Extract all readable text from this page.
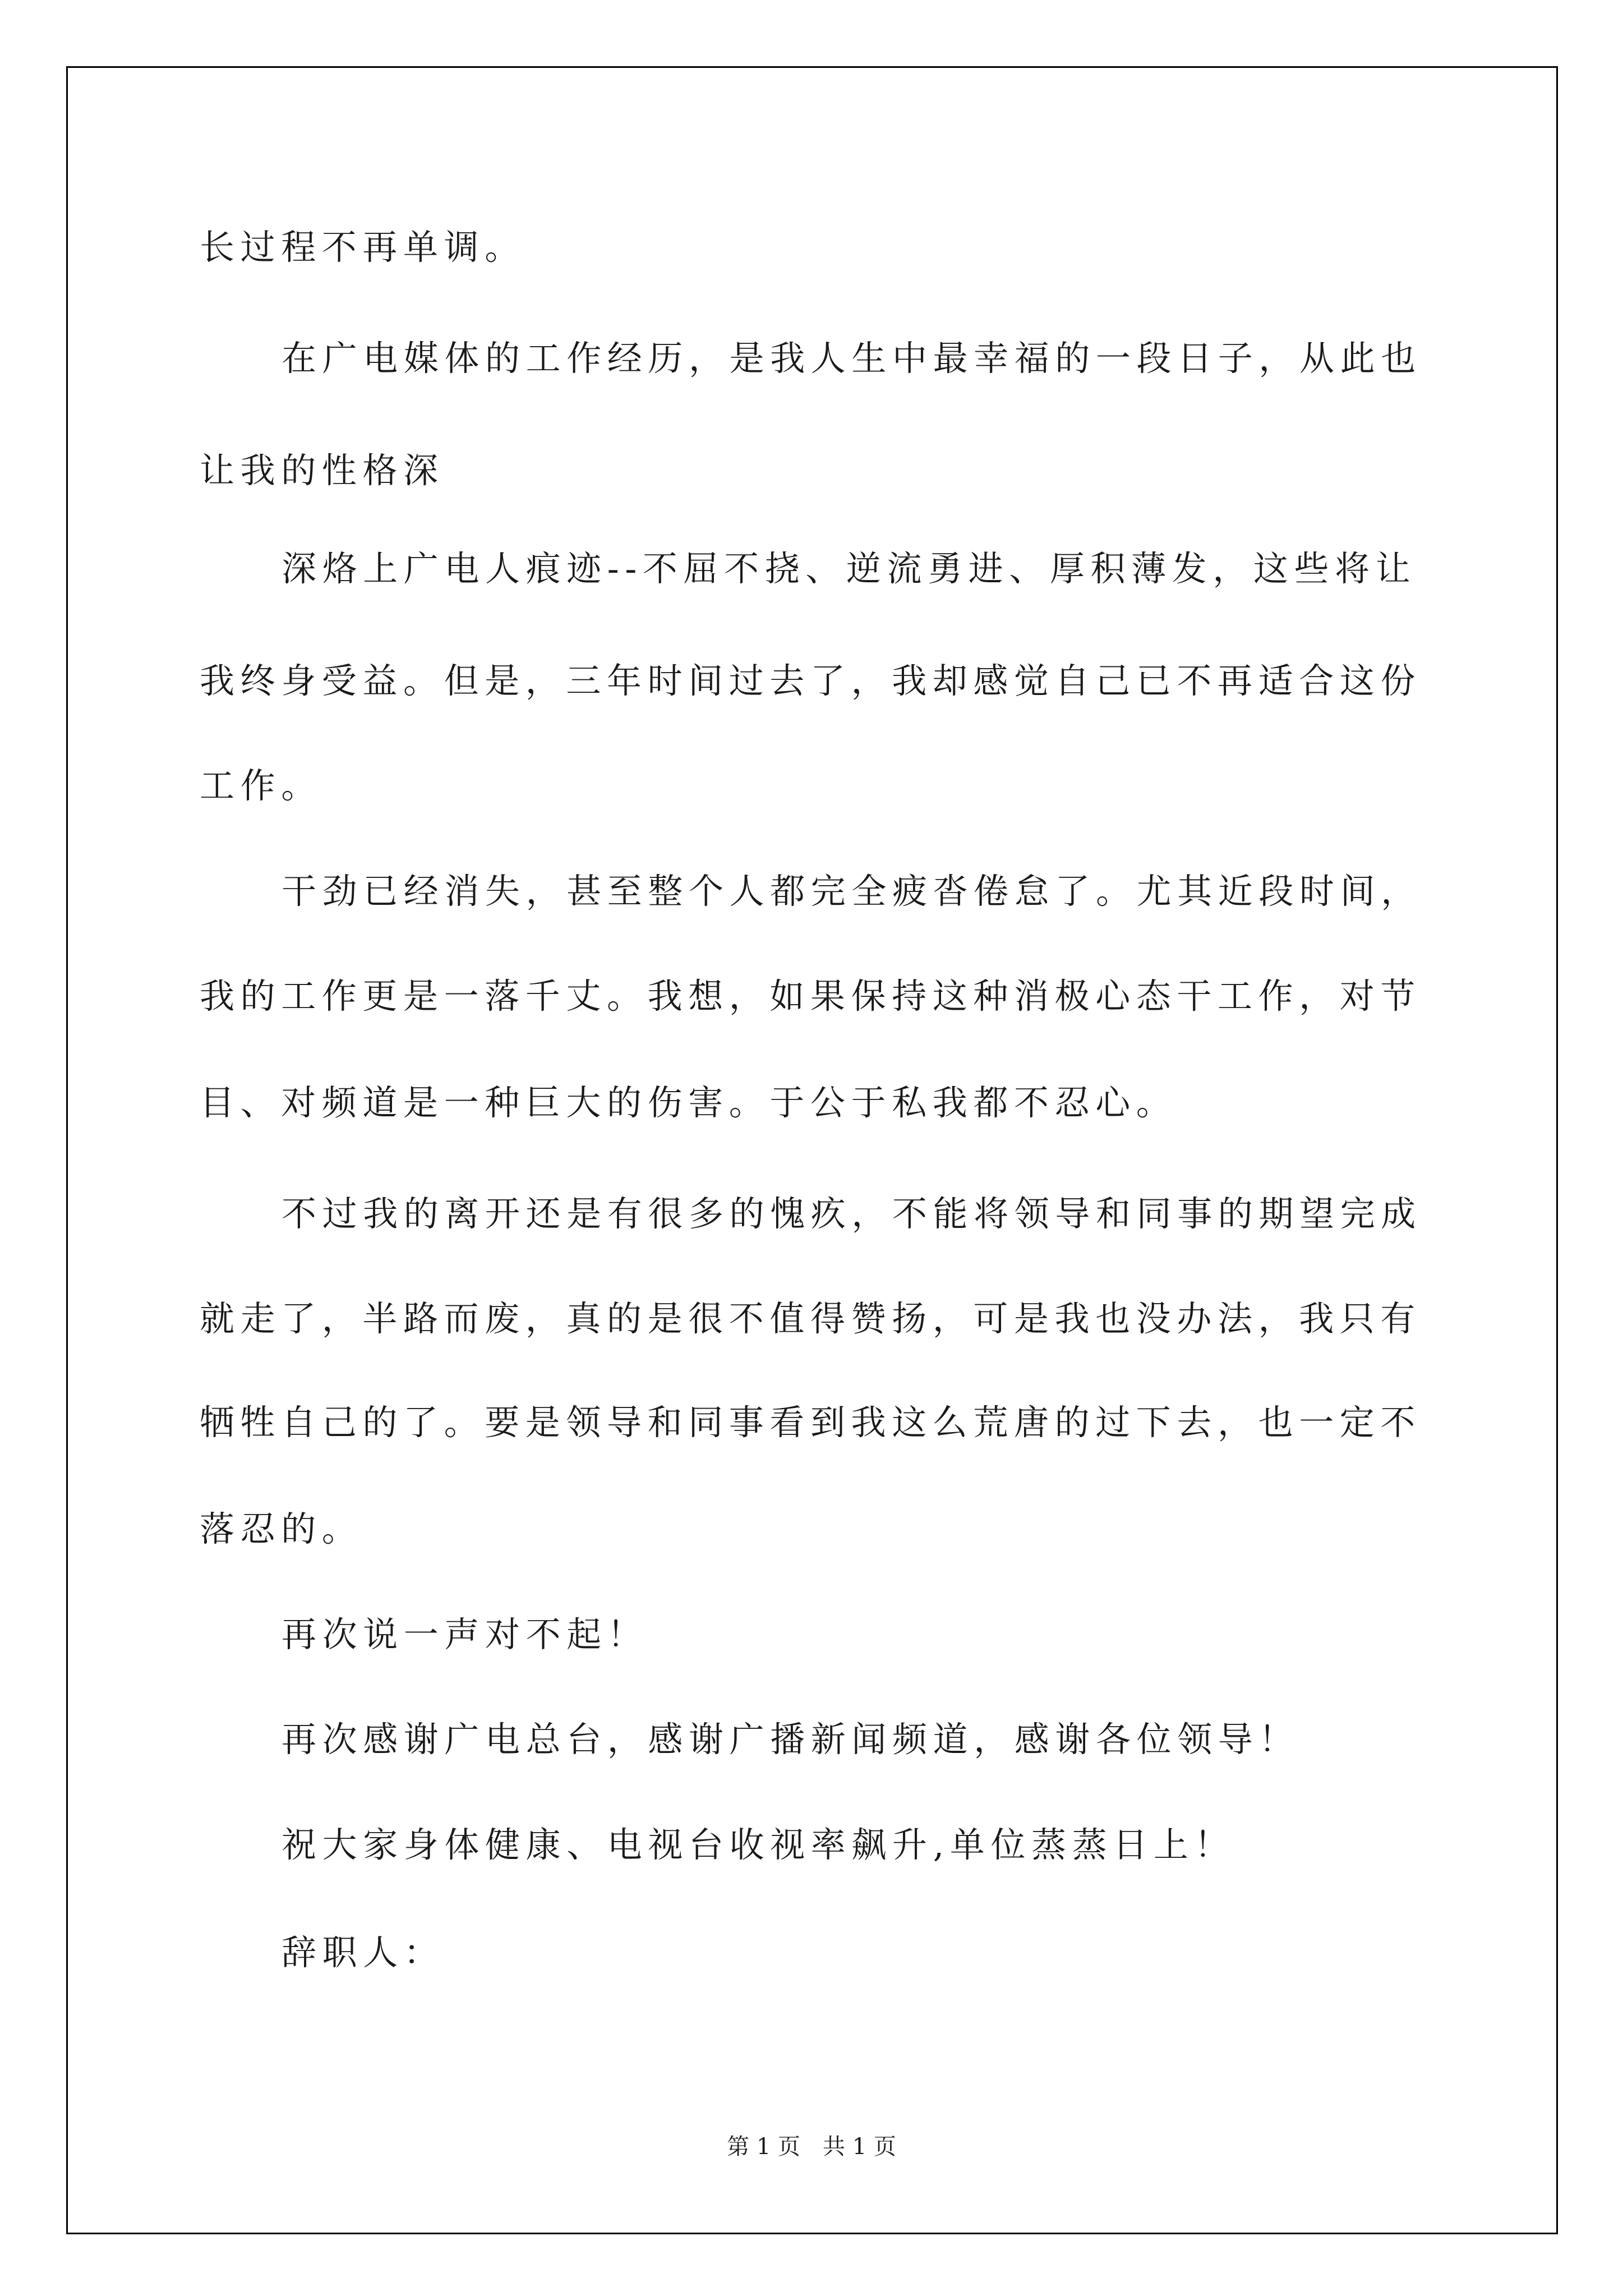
长过程不再单调。
在广电媒体的工作经历，是我人生中最幸福的一段日子，从此也
让我的性格深
深烙上广电人痕迹--不屈不挠、逆流勇进、厚积薄发，这些将让
我终身受益。但是，三年时间过去了，我却感觉自己已不再适合这份
工作。
干劲已经消失，甚至整个人都完全疲沓倦怠了。尤其近段时间，
我的工作更是一落千丈。我想，如果保持这种消极心态干工作，对节
目、对频道是一种巨大的伤害。于公于私我都不忍心。
不过我的离开还是有很多的愧疚，不能将领导和同事的期望完成
就走了，半路而废，真的是很不值得赞扬，可是我也没办法，我只有
牺牲自己的了。要是领导和同事看到我这么荒唐的过下去，也一定不
落忍的。
再次说一声对不起！
再次感谢广电总台，感谢广播新闻频道，感谢各位领导！
祝大家身体健康、电视台收视率飙升,单位蒸蒸日上！
辞职人：
第 1 页　共 1 页
